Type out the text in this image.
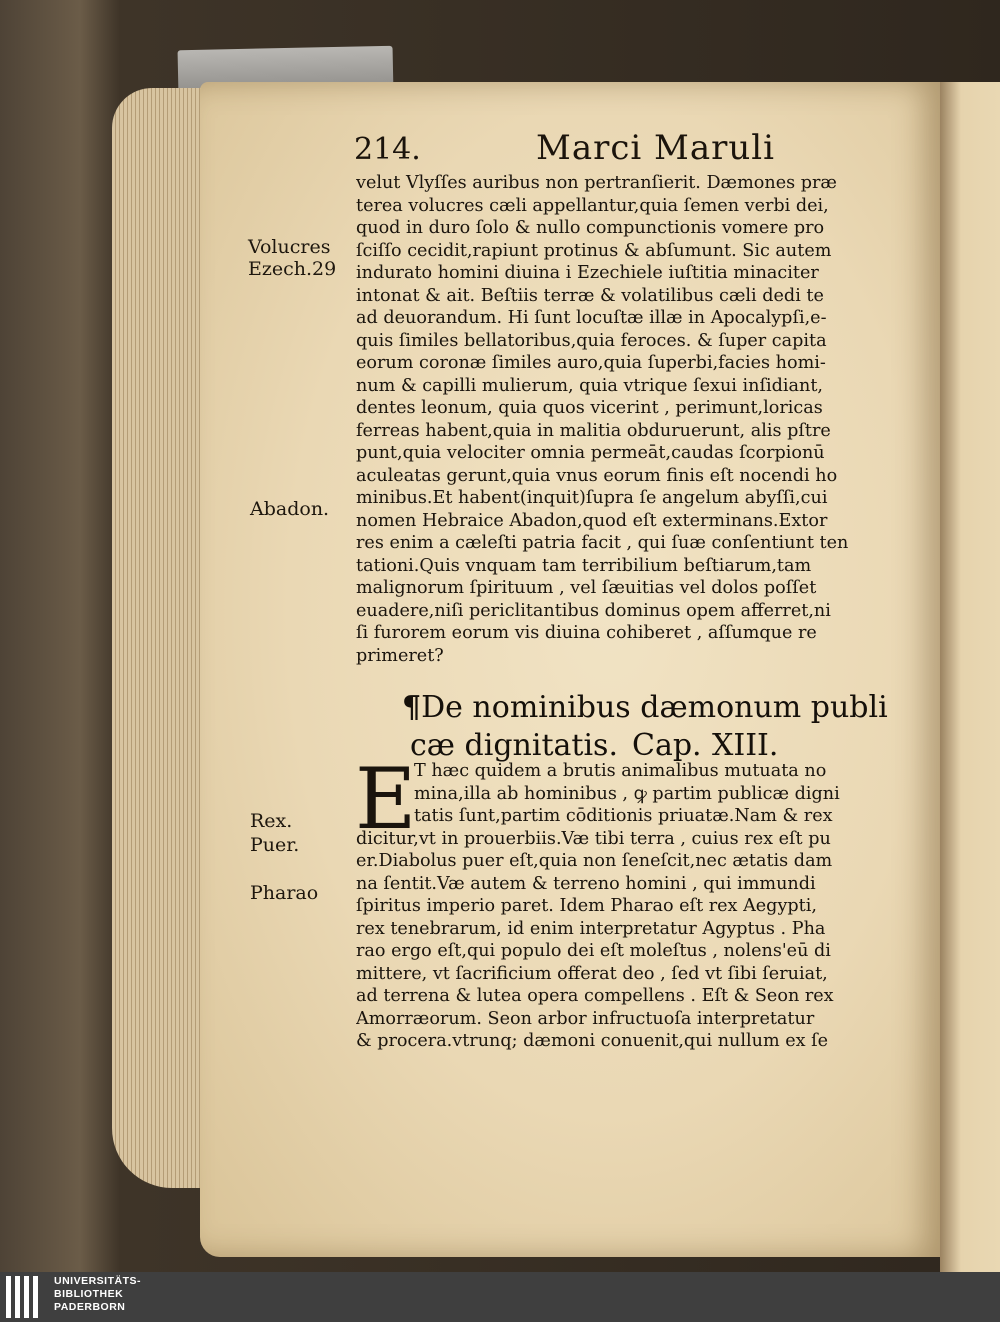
214.	Marci Maruli
velut Vlyſſes auribus non pertranſierit. Dæmones præ
terea volucres cæli appellantur,quia ſemen verbi dei,
quod in duro ſolo & nullo compunctionis vomere pro
ſciſſo cecidit,rapiunt protinus & abſumunt. Sic autem
indurato homini diuina i Ezechiele iuſtitia minaciter
intonat & ait. Beſtiis terræ & volatilibus cæli dedi te
ad deuorandum. Hi ſunt locuſtæ illæ in Apocalypſi,e-
quis ſimiles bellatoribus,quia feroces. & ſuper capita
eorum coronæ ſimiles auro,quia ſuperbi,facies homi-
num & capilli mulierum, quia vtrique ſexui inſidiant,
dentes leonum, quia quos vicerint , perimunt,loricas
ferreas habent,quia in malitia obduruerunt, alis pſtre
punt,quia velociter omnia permeāt,caudas ſcorpionū
aculeatas gerunt,quia vnus eorum finis eſt nocendi ho
minibus.Et habent(inquit)ſupra ſe angelum abyſſi,cui
nomen Hebraice Abadon,quod eſt exterminans.Extor
res enim a cæleſti patria facit , qui ſuæ conſentiunt ten
tationi.Quis vnquam tam terribilium beſtiarum,tam
malignorum ſpirituum , vel ſæuitias vel dolos poſſet
euadere,niſi periclitantibus dominus opem afferret,ni
ſi furorem eorum vis diuina cohiberet , aſſumque re
primeret?
¶De nominibus dæmonum publi
cæ dignitatis. Cap. XIII.
E
T hæc quidem a brutis animalibus mutuata no
mina,illa ab hominibus , ꝙ partim publicæ digni
tatis ſunt,partim cōditionis priuatæ.Nam & rex
dicitur,vt in prouerbiis.Væ tibi terra , cuius rex eſt pu
er.Diabolus puer eſt,quia non ſeneſcit,nec ætatis dam
na ſentit.Væ autem & terreno homini , qui immundi
ſpiritus imperio paret. Idem Pharao eſt rex Aegypti,
rex tenebrarum, id enim interpretatur Agyptus . Pha
rao ergo eſt,qui populo dei eſt moleſtus , nolens'eū di
mittere, vt ſacrificium offerat deo , ſed vt ſibi ſeruiat,
ad terrena & lutea opera compellens . Eſt & Seon rex
Amorræorum. Seon arbor infructuoſa interpretatur
& procera.vtrunq; dæmoni conuenit,qui nullum ex ſe
Volucres
Ezech.29
Abadon.
Rex.
Puer.
Pharao
UNIVERSITÄTS-
BIBLIOTHEK
PADERBORN
